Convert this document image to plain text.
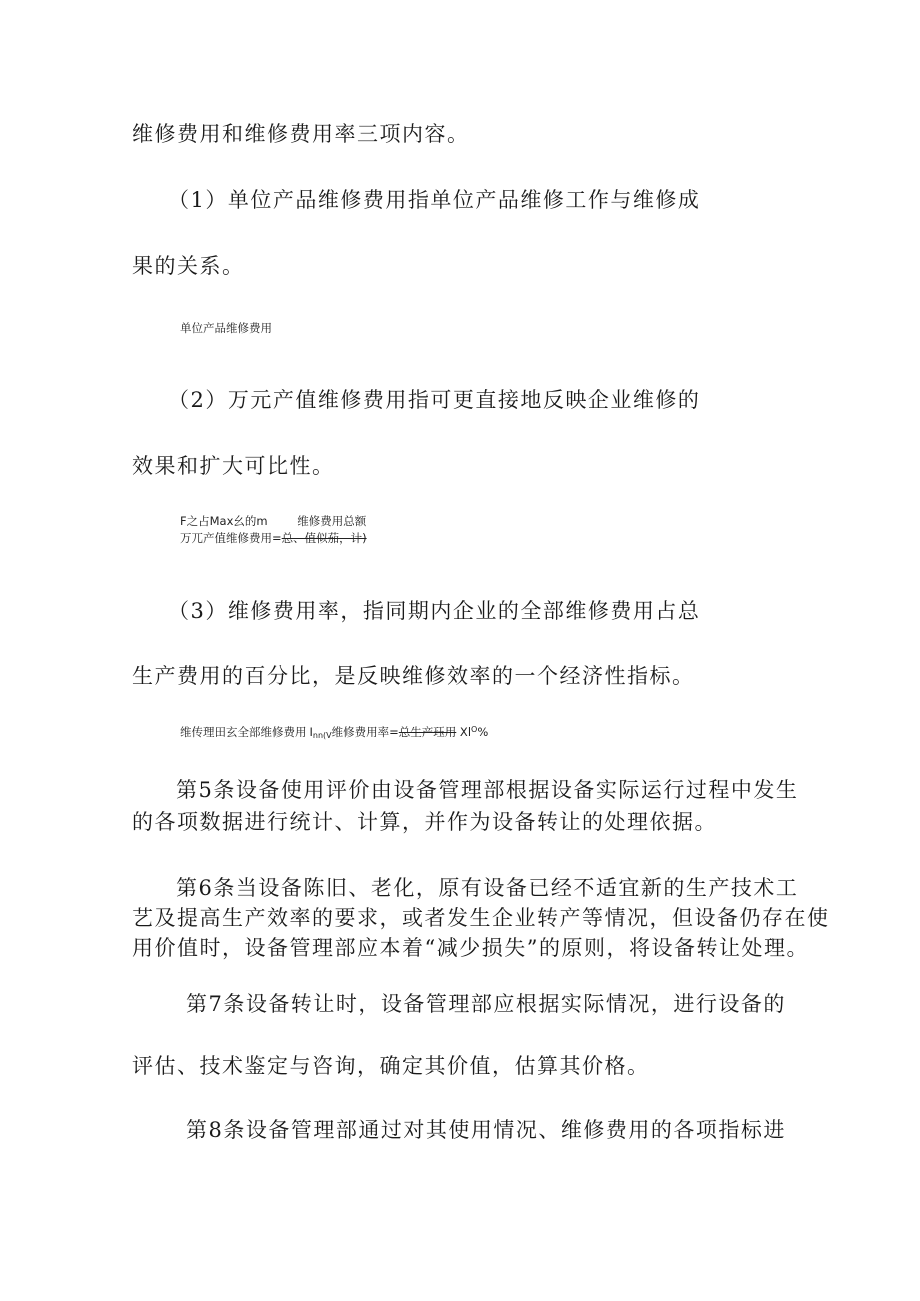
维修费用和维修费用率三项内容。
（1）单位产品维修费用指单位产品维修工作与维修成
果的关系。
单位产品维修费用
（2）万元产值维修费用指可更直接地反映企业维修的
效果和扩大可比性。
F之占Max幺的m	维修费用总额
万兀产值维修费用=总、值似茄，计)
（3）维修费用率，指同期内企业的全部维修费用占总
生产费用的百分比，是反映维修效率的一个经济性指标。
维传理田玄全部维修费用 $I_{nn(V}$维修费用率=总生产珏用 $Xl^O\%$
第5条设备使用评价由设备管理部根据设备实际运行过程中发生
的各项数据进行统计、计算，并作为设备转让的处理依据。
第6条当设备陈旧、老化，原有设备已经不适宜新的生产技术工
艺及提高生产效率的要求，或者发生企业转产等情况，但设备仍存在使
用价值时，设备管理部应本着“减少损失”的原则，将设备转让处理。
第7条设备转让时，设备管理部应根据实际情况，进行设备的
评估、技术鉴定与咨询，确定其价值，估算其价格。
第8条设备管理部通过对其使用情况、维修费用的各项指标进
